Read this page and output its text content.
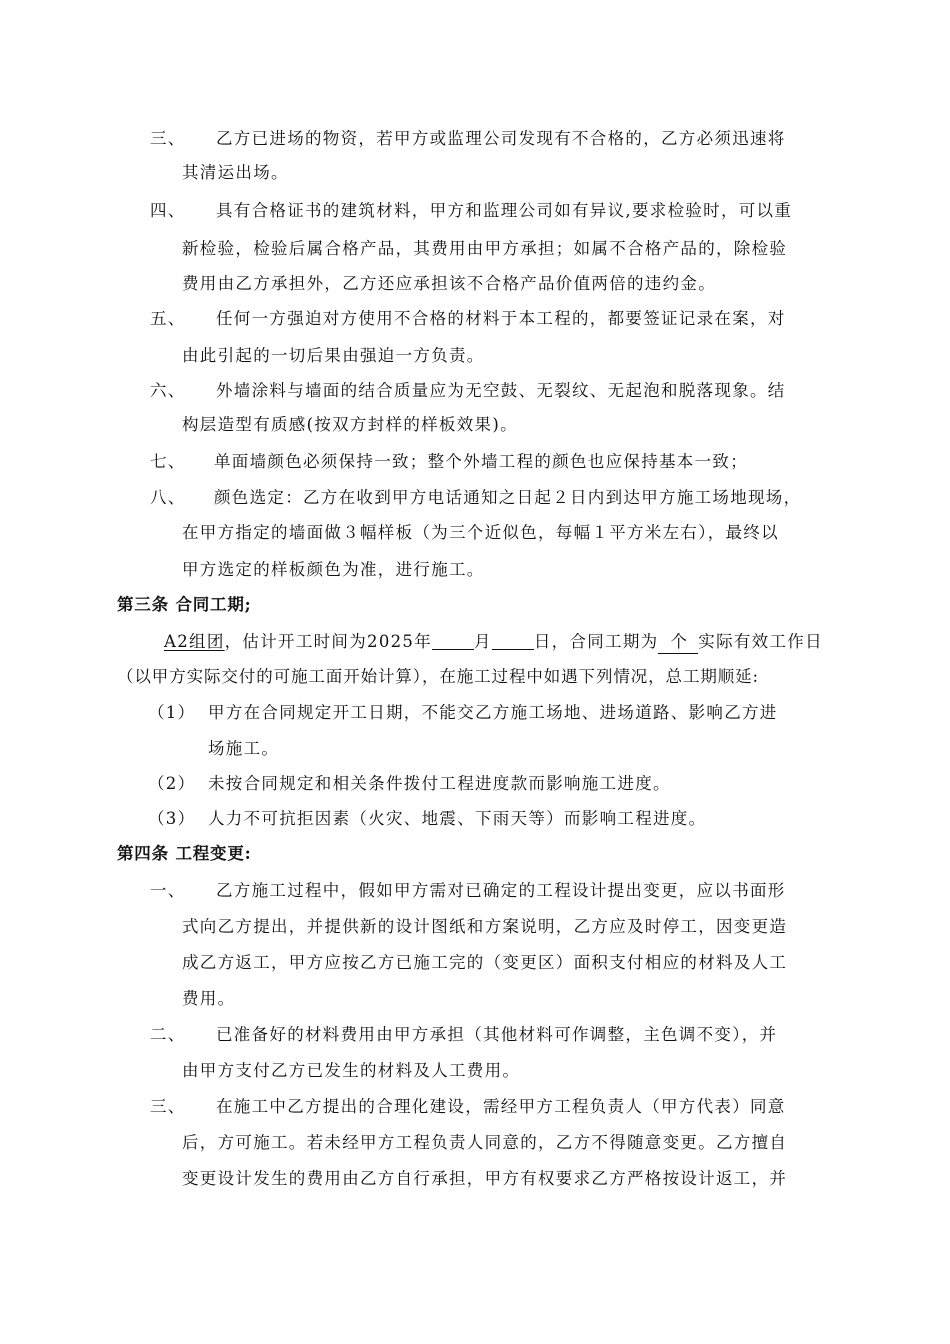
三、 乙方已进场的物资，若甲方或监理公司发现有不合格的，乙方必须迅速将
其清运出场。
四、 具有合格证书的建筑材料，甲方和监理公司如有异议,要求检验时，可以重
新检验，检验后属合格产品，其费用由甲方承担；如属不合格产品的，除检验
费用由乙方承担外，乙方还应承担该不合格产品价值两倍的违约金。
五、 任何一方强迫对方使用不合格的材料于本工程的，都要签证记录在案，对
由此引起的一切后果由强迫一方负责。
六、 外墙涂料与墙面的结合质量应为无空鼓、无裂纹、无起泡和脱落现象。结
构层造型有质感(按双方封样的样板效果)。
七、 单面墙颜色必须保持一致；整个外墙工程的颜色也应保持基本一致；
八、 颜色选定：乙方在收到甲方电话通知之日起２日内到达甲方施工场地现场，
在甲方指定的墙面做３幅样板（为三个近似色，每幅１平方米左右），最终以
甲方选定的样板颜色为准，进行施工。
第三条 合同工期;
A2组团，估计开工时间为2025年	月	日，合同工期为 个 实际有效工作日
（以甲方实际交付的可施工面开始计算），在施工过程中如遇下列情况，总工期顺延:
（1） 甲方在合同规定开工日期，不能交乙方施工场地、进场道路、影响乙方进
场施工。
（2） 未按合同规定和相关条件拨付工程进度款而影响施工进度。
（3） 人力不可抗拒因素（火灾、地震、下雨天等）而影响工程进度。
第四条 工程变更:
一、 乙方施工过程中，假如甲方需对已确定的工程设计提出变更，应以书面形
式向乙方提出，并提供新的设计图纸和方案说明，乙方应及时停工，因变更造
成乙方返工，甲方应按乙方已施工完的（变更区）面积支付相应的材料及人工
费用。
二、 已准备好的材料费用由甲方承担（其他材料可作调整，主色调不变），并
由甲方支付乙方已发生的材料及人工费用。
三、 在施工中乙方提出的合理化建设，需经甲方工程负责人（甲方代表）同意
后，方可施工。若未经甲方工程负责人同意的，乙方不得随意变更。乙方擅自
变更设计发生的费用由乙方自行承担，甲方有权要求乙方严格按设计返工，并
